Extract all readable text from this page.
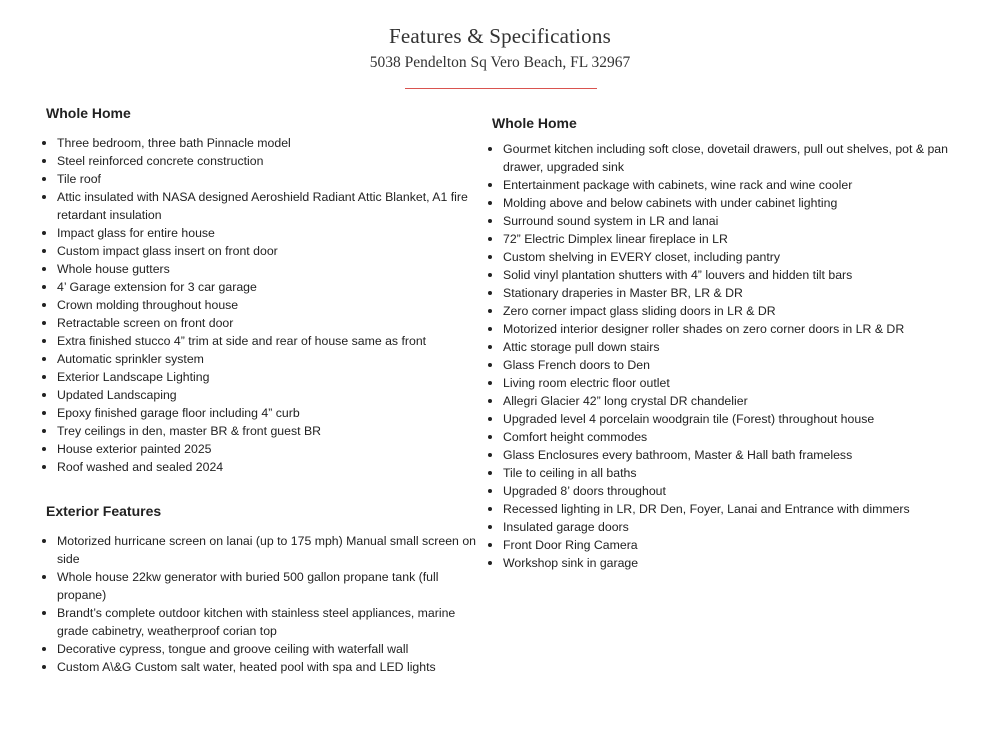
Features & Specifications
5038 Pendelton Sq Vero Beach, FL 32967
Whole Home
Three bedroom, three bath Pinnacle model
Steel reinforced concrete construction
Tile roof
Attic insulated with NASA designed Aeroshield Radiant Attic Blanket, A1 fire retardant insulation
Impact glass for entire house
Custom impact glass insert on front door
Whole house gutters
4’ Garage extension for 3 car garage
Crown molding throughout house
Retractable screen on front door
Extra finished stucco 4” trim at side and rear of house same as front
Automatic sprinkler system
Exterior Landscape Lighting
Updated Landscaping
Epoxy finished garage floor including 4” curb
Trey ceilings in den, master BR & front guest BR
House exterior painted 2025
Roof washed and sealed 2024
Exterior Features
Motorized hurricane screen on lanai (up to 175 mph) Manual small screen on side
Whole house 22kw generator with buried 500 gallon propane tank (full propane)
Brandt’s complete outdoor kitchen with stainless steel appliances, marine grade cabinetry, weatherproof corian top
Decorative cypress, tongue and groove ceiling with waterfall wall
Custom A\&G Custom salt water, heated pool with spa and LED lights
Whole Home
Gourmet kitchen including soft close, dovetail drawers, pull out shelves, pot & pan drawer, upgraded sink
Entertainment package with cabinets, wine rack and wine cooler
Molding above and below cabinets with under cabinet lighting
Surround sound system in LR and lanai
72” Electric Dimplex linear fireplace in LR
Custom shelving in EVERY closet, including pantry
Solid vinyl plantation shutters with 4” louvers and hidden tilt bars
Stationary draperies in Master BR, LR & DR
Zero corner impact glass sliding doors in LR & DR
Motorized interior designer roller shades on zero corner doors in LR & DR
Attic storage pull down stairs
Glass French doors to Den
Living room electric floor outlet
Allegri Glacier 42” long crystal DR chandelier
Upgraded level 4 porcelain woodgrain tile (Forest) throughout house
Comfort height commodes
Glass Enclosures every bathroom, Master & Hall bath frameless
Tile to ceiling in all baths
Upgraded 8’ doors throughout
Recessed lighting in LR, DR Den, Foyer, Lanai and Entrance with dimmers
Insulated garage doors
Front Door Ring Camera
Workshop sink in garage
